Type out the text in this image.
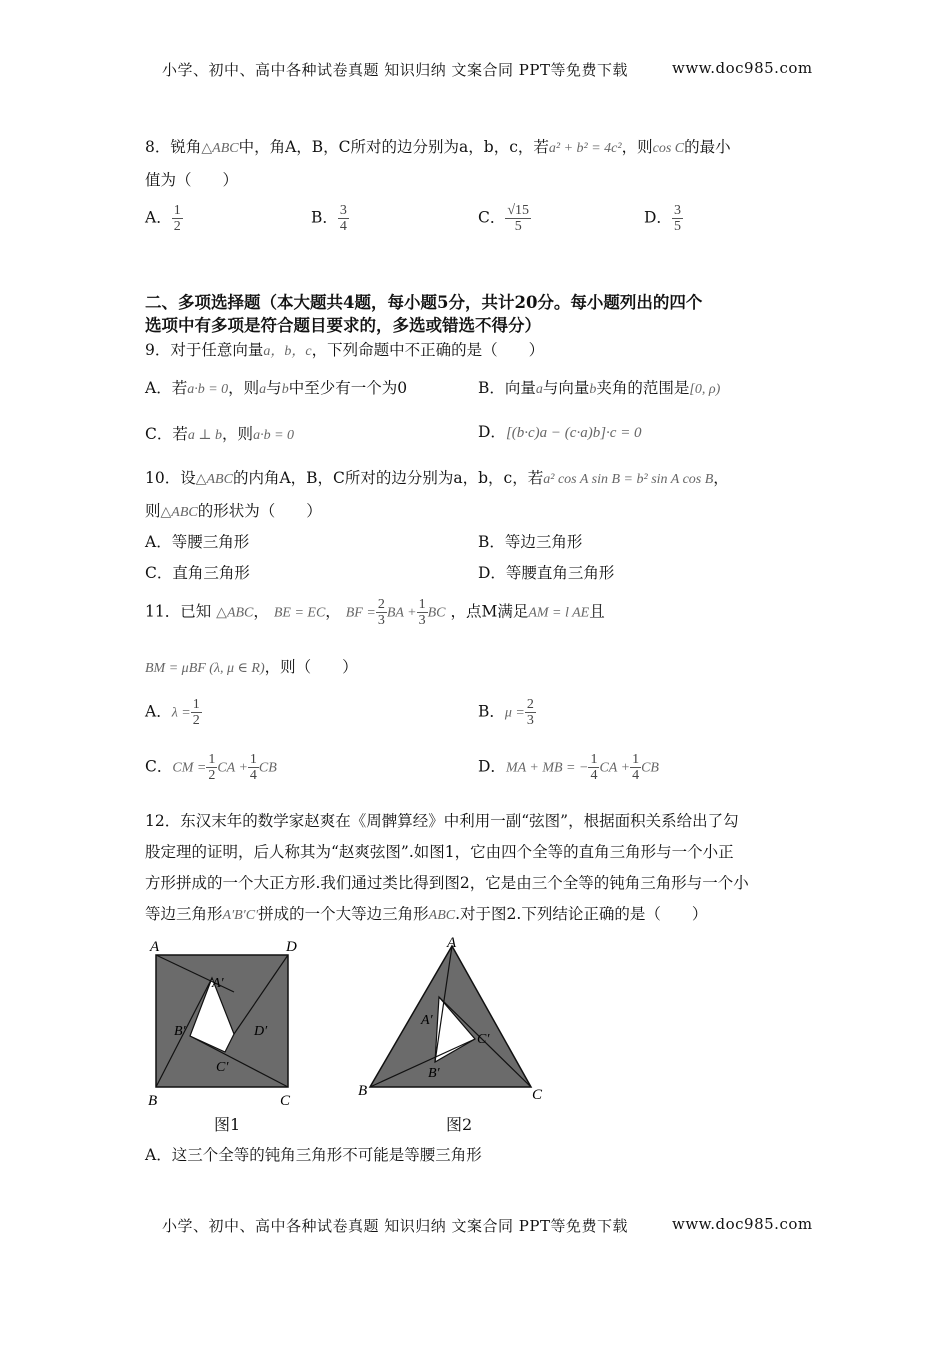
小学、初中、高中各种试卷真题 知识归纳 文案合同 PPT等免费下载	www.doc985.com
8．锐角△ABC中，角A，B，C所对的边分别为a，b，c，若a² + b² = 4c²，则cos C的最小
值为（　　）
A． $\frac{1}{2}$	B． $\frac{3}{4}$	C． $\frac{√15}{5}$	D． $\frac{3}{5}$
二、多项选择题（本大题共4题，每小题5分，共计20分。每小题列出的四个
选项中有多项是符合题目要求的，多选或错选不得分）
9．对于任意向量a，b，c，下列命题中不正确的是（　　）
A．若a·b = 0，则a与b中至少有一个为0	B．向量a与向量b夹角的范围是[0, ρ)
C．若a ⊥ b，则a·b = 0	D．[(b·c)a − (c·a)b]·c = 0
10．设△ABC的内角A，B，C所对的边分别为a，b，c，若a² cos A sin B = b² sin A cos B，
则△ABC的形状为（　　）
A．等腰三角形	B．等边三角形
C．直角三角形	D．等腰直角三角形
11．已知 △ABC， BE = EC， BF = $\frac{2}{3}$ BA + $\frac{1}{3}$ BC ，点M满足AM = l AE且
BM = μBF (λ, μ ∈ R)，则（　　）
A．$\lambda = \frac{1}{2}$	B．$\mu = \frac{2}{3}$
C．CM = $\frac{1}{2}$ CA + $\frac{1}{4}$ CB	D．MA + MB = − $\frac{1}{4}$ CA + $\frac{1}{4}$ CB
12．东汉末年的数学家赵爽在《周髀算经》中利用一副“弦图”，根据面积关系给出了勾
股定理的证明，后人称其为“赵爽弦图”.如图1，它由四个全等的直角三角形与一个小正
方形拼成的一个大正方形.我们通过类比得到图2，它是由三个全等的钝角三角形与一个小
等边三角形A′B′C′拼成的一个大等边三角形ABC.对于图2.下列结论正确的是（　　）
A	D
B	C
A′
B′	D′
C′
图1
A
B	C
A′
C′
B′
图2
A．这三个全等的钝角三角形不可能是等腰三角形
小学、初中、高中各种试卷真题 知识归纳 文案合同 PPT等免费下载	www.doc985.com
